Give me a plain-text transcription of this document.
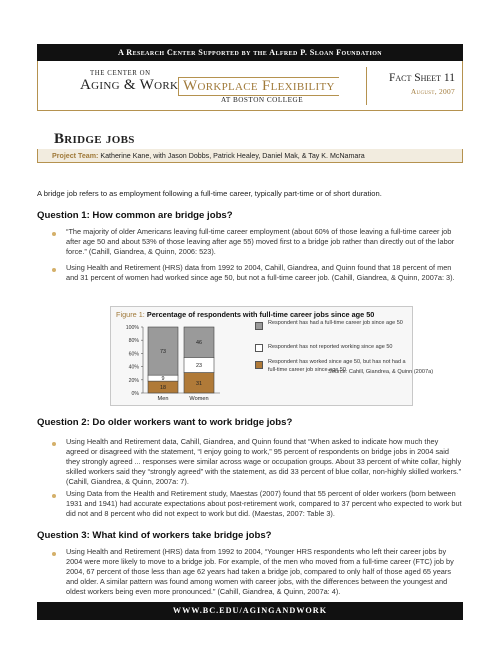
A Research Center Supported by the Alfred P. Sloan Foundation
THE CENTER ON
Aging & Work Workplace Flexibility
AT BOSTON COLLEGE
Fact Sheet 11
August, 2007
Bridge jobs
Project Team: Katherine Kane, with Jason Dobbs, Patrick Healey, Daniel Mak, & Tay K. McNamara
A bridge job refers to as employment following a full-time career, typically part-time or of short duration.
Question 1: How common are bridge jobs?
“The majority of older Americans leaving full-time career employment (about 60% of those leaving a full-time career job after age 50 and about 53% of those leaving after age 55) moved first to a bridge job rather than directly out of the labor force.” (Cahill, Giandrea, & Quinn, 2006: 523).
Using Health and Retirement (HRS) data from 1992 to 2004, Cahill, Giandrea, and Quinn found that 18 percent of men and 31 percent of women had worked since age 50, but not a full-time career job. (Cahill, Giandrea, & Quinn, 2007a: 3).
0%
20%
40%
60%
80%
100%
18
9
73
Men
31
23
46
Women
Respondent has had a full-time career job since age 50
Respondent has not reported working since age 50
Respondent has worked since age 50, but has not had a full-time career job since age 50
Source: Cahill, Giandrea, & Quinn (2007a)
Figure 1: Percentage of respondents with full-time career jobs since age 50
Question 2: Do older workers want to work bridge jobs?
Using Health and Retirement data, Cahill, Giandrea, and Quinn found that “When asked to indicate how much they agreed or disagreed with the statement, “I enjoy going to work,” 95 percent of respondents on bridge jobs in 2004 said they strongly agreed ... responses were similar across wage or occupation groups. About 33 percent of white collar, highly skilled workers said they “strongly agreed” with the statement, as did 33 percent of blue collar, non-highly skilled workers.” (Cahill, Giandrea, & Quinn, 2007a: 7).
Using Data from the Health and Retirement study, Maestas (2007) found that 55 percent of older workers (born between 1931 and 1941) had accurate expectations about post-retirement work, compared to 37 percent who expected to work but did not and 8 percent who did not expect to work but did. (Maestas, 2007: Table 3).
Question 3: What kind of workers take bridge jobs?
Using Health and Retirement (HRS) data from 1992 to 2004, “Younger HRS respondents who left their career jobs by 2004 were more likely to move to a bridge job. For example, of the men who moved from a full-time career (FTC) job by 2004, 67 percent of those less than age 62 years had taken a bridge job, compared to only half of those aged 65 years and older. A similar pattern was found among women with career jobs, with the differences between the youngest and oldest workers being even more pronounced.” (Cahill, Giandrea, & Quinn, 2007a: 4).
WWW.BC.EDU/AGINGANDWORK
